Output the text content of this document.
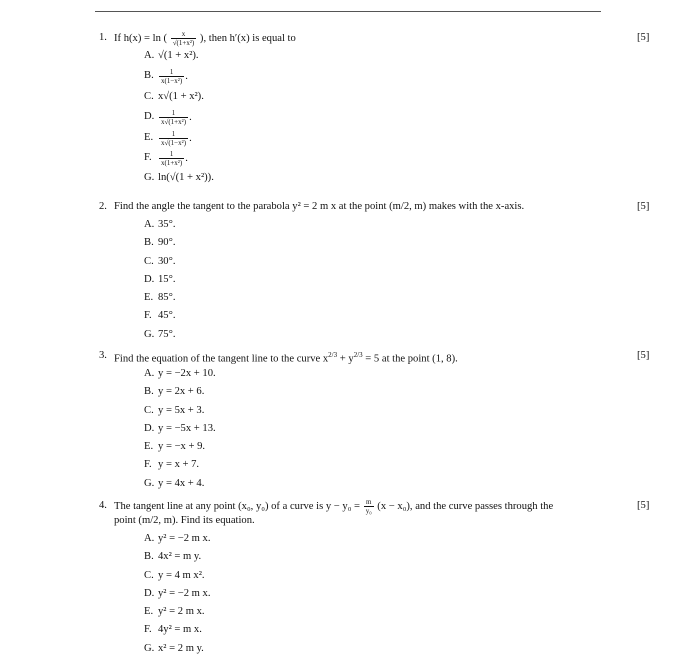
1. If h(x) = ln ( $\frac{x}{\text{√(1+x²)}}$ ), then h′(x) is equal to	[5]
A. √(1 + x²).
B. $\frac{1}{\text{x(1−x²)}}$ .
C. x√(1 + x²).
D. $\frac{1}{\text{x√(1+x²)}}$ .
E. $\frac{1}{\text{x√(1−x²)}}$ .
F. $\frac{1}{\text{x(1+x²)}}$ .
G. ln(√(1 + x²)).
2. Find the angle the tangent to the parabola y² = 2 m x at the point (m/2, m) makes with the x-axis.	[5]
A. 35°.
B. 90°.
C. 30°.
D. 15°.
E. 85°.
F. 45°.
G. 75°.
3. Find the equation of the tangent line to the curve $x^{2/3} + y^{2/3} = 5$ at the point (1, 8).	[5]
A. y = −2x + 10.
B. y = 2x + 6.
C. y = 5x + 3.
D. y = −5x + 13.
E. y = −x + 9.
F. y = x + 7.
G. y = 4x + 4.
4. The tangent line at any point (x₀, y₀) of a curve is $y - y_0 = \frac{m}{\text{y₀}} (x - x_0)$, and the curve passes through the	[5]
point (m/2, m). Find its equation.
A. y² = −2 m x.
B. 4x² = m y.
C. y = 4 m x².
D. y² = −2 m x.
E. y² = 2 m x.
F. 4y² = m x.
G. x² = 2 m y.
